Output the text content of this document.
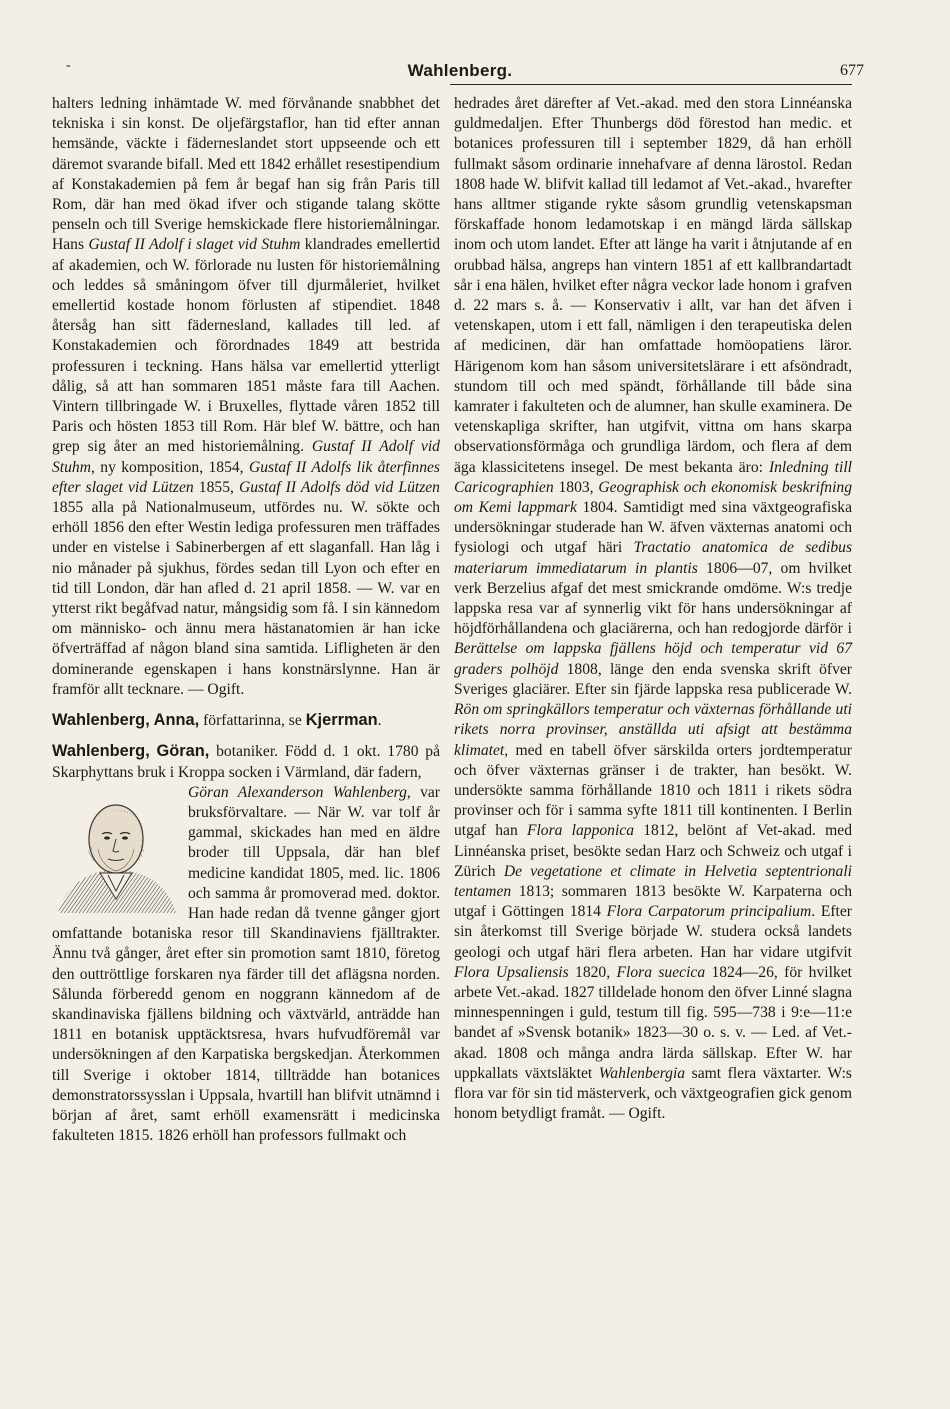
-	Wahlenberg.	677

halters ledning inhämtade W. med förvånande snabbhet det tekniska i sin konst. De oljefärgstaflor, han tid efter annan hemsände, väckte i fäderneslandet stort uppseende och ett däremot svarande bifall. Med ett 1842 erhållet resestipendium af Konstakademien på fem år begaf han sig från Paris till Rom, där han med ökad ifver och stigande talang skötte penseln och till Sverige hemskickade flere historiemålningar. Hans Gustaf II Adolf i slaget vid Stuhm klandrades emellertid af akademien, och W. förlorade nu lusten för historiemålning och leddes så småningom öfver till djurmåleriet, hvilket emellertid kostade honom förlusten af stipendiet. 1848 återsåg han sitt fädernesland, kallades till led. af Konstakademien och förordnades 1849 att bestrida professuren i teckning. Hans hälsa var emellertid ytterligt dålig, så att han sommaren 1851 måste fara till Aachen. Vintern tillbringade W. i Bruxelles, flyttade våren 1852 till Paris och hösten 1853 till Rom. Här blef W. bättre, och han grep sig åter an med historiemålning. Gustaf II Adolf vid Stuhm, ny komposition, 1854, Gustaf II Adolfs lik återfinnes efter slaget vid Lützen 1855, Gustaf II Adolfs död vid Lützen 1855 alla på Nationalmuseum, utfördes nu. W. sökte och erhöll 1856 den efter Westin lediga professuren men träffades under en vistelse i Sabinerbergen af ett slaganfall. Han låg i nio månader på sjukhus, fördes sedan till Lyon och efter en tid till London, där han afled d. 21 april 1858. — W. var en ytterst rikt begåfvad natur, mångsidig som få. I sin kännedom om människo- och ännu mera hästanatomien är han icke öfverträffad af någon bland sina samtida. Lifligheten är den dominerande egenskapen i hans konstnärslynne. Han är framför allt tecknare. — Ogift.

Wahlenberg, Anna, författarinna, se Kjerrman.

Wahlenberg, Göran, botaniker. Född d. 1 okt. 1780 på Skarphyttans bruk i Kroppa socken i Värmland, där fadern,

Göran Alexanderson Wahlenberg, var bruksförvaltare. — När W. var tolf år gammal, skickades han med en äldre broder till Uppsala, där han blef medicine kandidat 1805, med. lic. 1806 och samma år promoverad med. doktor. Han hade redan då tvenne gånger gjort omfattande botaniska resor till Skandinaviens fjälltrakter. Ännu två gånger, året efter sin promotion samt 1810, företog den outtröttlige forskaren nya färder till det aflägsna norden. Sålunda förberedd genom en noggrann kännedom af de skandinaviska fjällens bildning och växtvärld, anträdde han 1811 en botanisk upptäcktsresa, hvars hufvudföremål var undersökningen af den Karpatiska bergskedjan. Återkommen till Sverige i oktober 1814, tillträdde han botanices demonstratorssysslan i Uppsala, hvartill han blifvit utnämnd i början af året, samt erhöll examensrätt i medicinska fakulteten 1815. 1826 erhöll han professors fullmakt och

hedrades året därefter af Vet.-akad. med den stora Linnéanska guldmedaljen. Efter Thunbergs död förestod han medic. et botanices professuren till i september 1829, då han erhöll fullmakt såsom ordinarie innehafvare af denna lärostol. Redan 1808 hade W. blifvit kallad till ledamot af Vet.-akad., hvarefter hans alltmer stigande rykte såsom grundlig vetenskapsman förskaffade honom ledamotskap i en mängd lärda sällskap inom och utom landet. Efter att länge ha varit i åtnjutande af en orubbad hälsa, angreps han vintern 1851 af ett kallbrandartadt sår i ena hälen, hvilket efter några veckor lade honom i grafven d. 22 mars s. å. — Konservativ i allt, var han det äfven i vetenskapen, utom i ett fall, nämligen i den terapeutiska delen af medicinen, där han omfattade homöopatiens läror. Härigenom kom han såsom universitetslärare i ett afsöndradt, stundom till och med spändt, förhållande till både sina kamrater i fakulteten och de alumner, han skulle examinera. De vetenskapliga skrifter, han utgifvit, vittna om hans skarpa observationsförmåga och grundliga lärdom, och flera af dem äga klassicitetens insegel. De mest bekanta äro: Inledning till Caricographien 1803, Geographisk och ekonomisk beskrifning om Kemi lappmark 1804. Samtidigt med sina växtgeografiska undersökningar studerade han W. äfven växternas anatomi och fysiologi och utgaf häri Tractatio anatomica de sedibus materiarum immediatarum in plantis 1806—07, om hvilket verk Berzelius afgaf det mest smickrande omdöme. W:s tredje lappska resa var af synnerlig vikt för hans undersökningar af höjdförhållandena och glaciärerna, och han redogjorde därför i Berättelse om lappska fjällens höjd och temperatur vid 67 graders polhöjd 1808, länge den enda svenska skrift öfver Sveriges glaciärer. Efter sin fjärde lappska resa publicerade W. Rön om springkällors temperatur och växternas förhållande uti rikets norra provinser, anställda uti afsigt att bestämma klimatet, med en tabell öfver särskilda orters jordtemperatur och öfver växternas gränser i de trakter, han besökt. W. undersökte samma förhållande 1810 och 1811 i rikets södra provinser och för i samma syfte 1811 till kontinenten. I Berlin utgaf han Flora lapponica 1812, belönt af Vet-akad. med Linnéanska priset, besökte sedan Harz och Schweiz och utgaf i Zürich De vegetatione et climate in Helvetia septentrionali tentamen 1813; sommaren 1813 besökte W. Karpaterna och utgaf i Göttingen 1814 Flora Carpatorum principalium. Efter sin återkomst till Sverige började W. studera också landets geologi och utgaf häri flera arbeten. Han har vidare utgifvit Flora Upsaliensis 1820, Flora suecica 1824—26, för hvilket arbete Vet.-akad. 1827 tilldelade honom den öfver Linné slagna minnespenningen i guld, testum till fig. 595—738 i 9:e—11:e bandet af »Svensk botanik» 1823—30 o. s. v. — Led. af Vet.-akad. 1808 och många andra lärda sällskap. Efter W. har uppkallats växtsläktet Wahlenbergia samt flera växtarter. W:s flora var för sin tid mästerverk, och växtgeografien gick genom honom betydligt framåt. — Ogift.
